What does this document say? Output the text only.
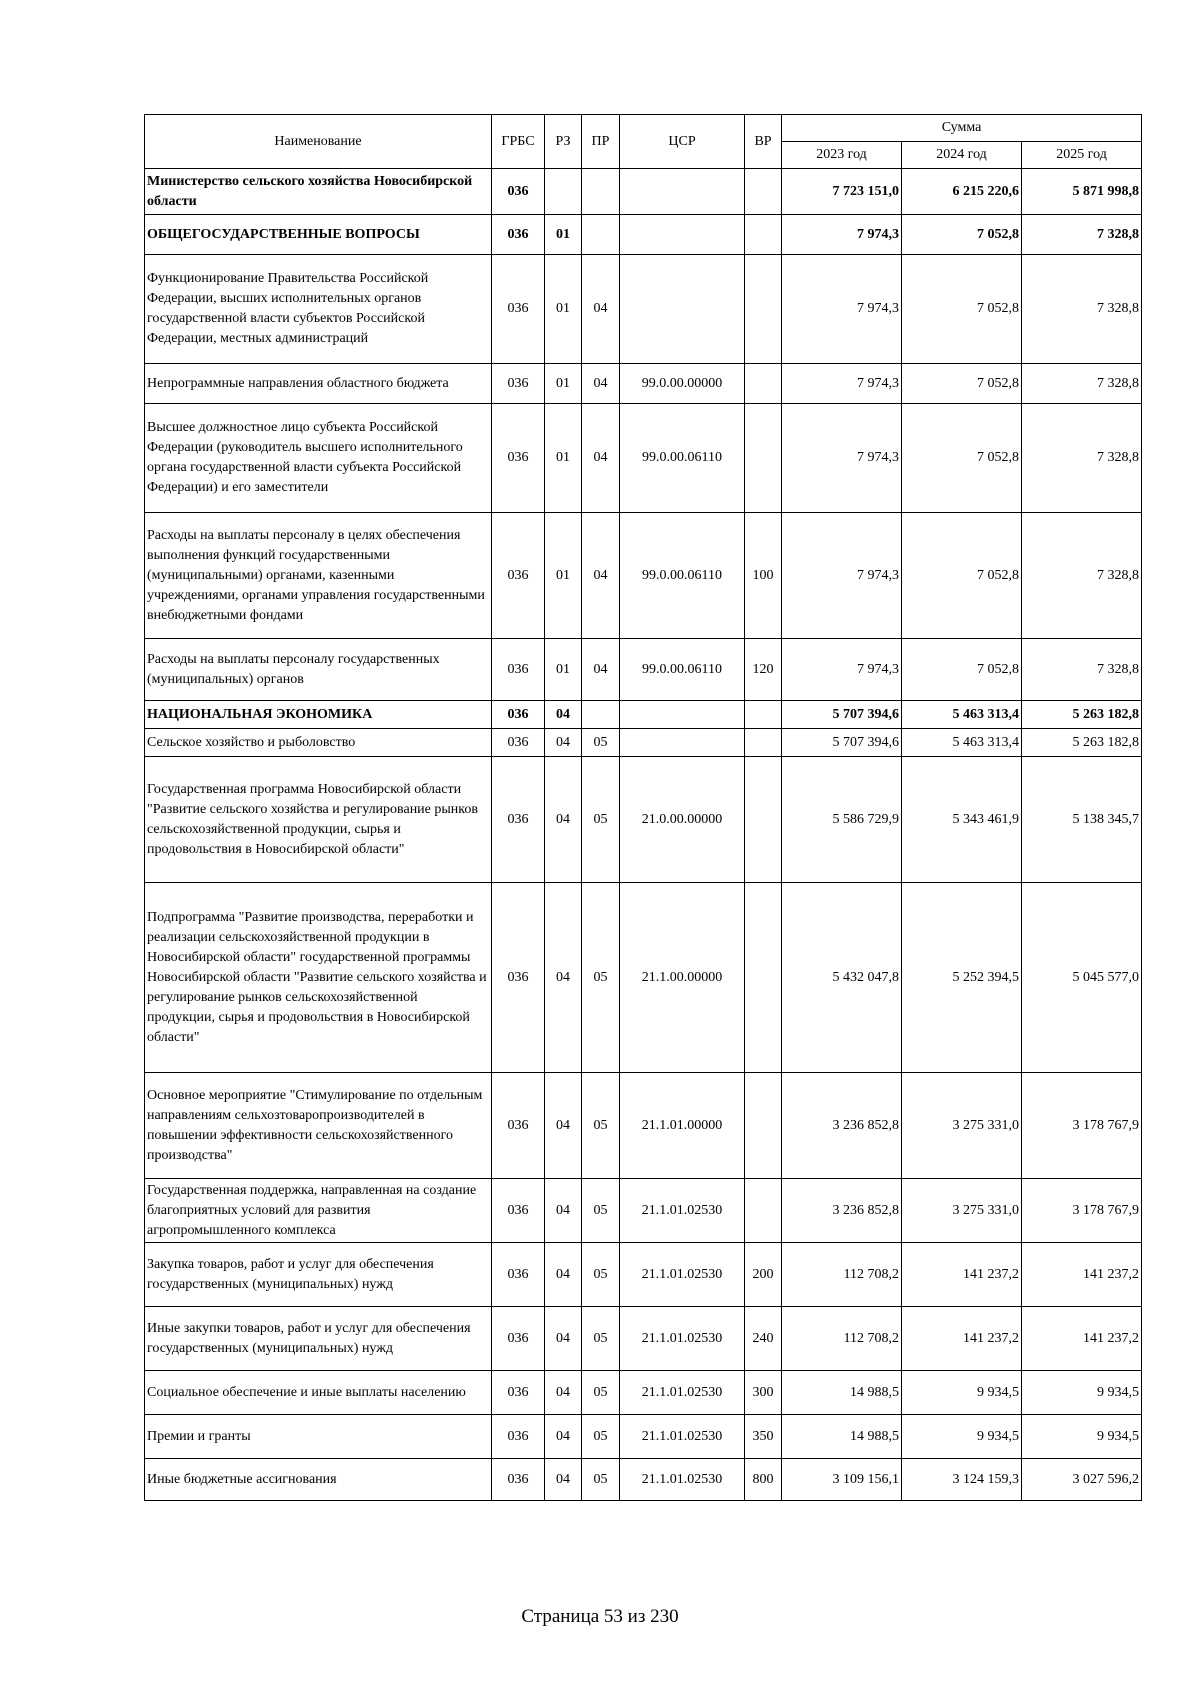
Наименование	ГРБС	РЗ	ПР	ЦСР	ВР	Сумма		
						2023 год	2024 год	2025 год
Министерство сельского хозяйства Новосибирской области	036					7 723 151,0	6 215 220,6	5 871 998,8
ОБЩЕГОСУДАРСТВЕННЫЕ ВОПРОСЫ	036	01				7 974,3	7 052,8	7 328,8
Функционирование Правительства Российской Федерации, высших исполнительных органов государственной власти субъектов Российской Федерации, местных администраций	036	01	04			7 974,3	7 052,8	7 328,8
Непрограммные направления областного бюджета	036	01	04	99.0.00.00000		7 974,3	7 052,8	7 328,8
Высшее должностное лицо субъекта Российской Федерации (руководитель высшего исполнительного органа государственной власти субъекта Российской Федерации) и его заместители	036	01	04	99.0.00.06110		7 974,3	7 052,8	7 328,8
Расходы на выплаты персоналу в целях обеспечения выполнения функций государственными (муниципальными) органами, казенными учреждениями, органами управления государственными внебюджетными фондами	036	01	04	99.0.00.06110	100	7 974,3	7 052,8	7 328,8
Расходы на выплаты персоналу государственных (муниципальных) органов	036	01	04	99.0.00.06110	120	7 974,3	7 052,8	7 328,8
НАЦИОНАЛЬНАЯ ЭКОНОМИКА	036	04				5 707 394,6	5 463 313,4	5 263 182,8
Сельское хозяйство и рыболовство	036	04	05			5 707 394,6	5 463 313,4	5 263 182,8
Государственная программа Новосибирской области "Развитие сельского хозяйства и регулирование рынков сельскохозяйственной продукции, сырья и продовольствия в Новосибирской области"	036	04	05	21.0.00.00000		5 586 729,9	5 343 461,9	5 138 345,7
Подпрограмма "Развитие производства, переработки и реализации сельскохозяйственной продукции в Новосибирской области" государственной программы Новосибирской области "Развитие сельского хозяйства и регулирование рынков сельскохозяйственной продукции, сырья и продовольствия в Новосибирской области"	036	04	05	21.1.00.00000		5 432 047,8	5 252 394,5	5 045 577,0
Основное мероприятие "Стимулирование по отдельным направлениям сельхозтоваропроизводителей в повышении эффективности сельскохозяйственного производства"	036	04	05	21.1.01.00000		3 236 852,8	3 275 331,0	3 178 767,9
Государственная поддержка, направленная на создание благоприятных условий для развития агропромышленного комплекса	036	04	05	21.1.01.02530		3 236 852,8	3 275 331,0	3 178 767,9
Закупка товаров, работ и услуг для обеспечения государственных (муниципальных) нужд	036	04	05	21.1.01.02530	200	112 708,2	141 237,2	141 237,2
Иные закупки товаров, работ и услуг для обеспечения государственных (муниципальных) нужд	036	04	05	21.1.01.02530	240	112 708,2	141 237,2	141 237,2
Социальное обеспечение и иные выплаты населению	036	04	05	21.1.01.02530	300	14 988,5	9 934,5	9 934,5
Премии и гранты	036	04	05	21.1.01.02530	350	14 988,5	9 934,5	9 934,5
Иные бюджетные ассигнования	036	04	05	21.1.01.02530	800	3 109 156,1	3 124 159,3	3 027 596,2
Страница 53 из 230
